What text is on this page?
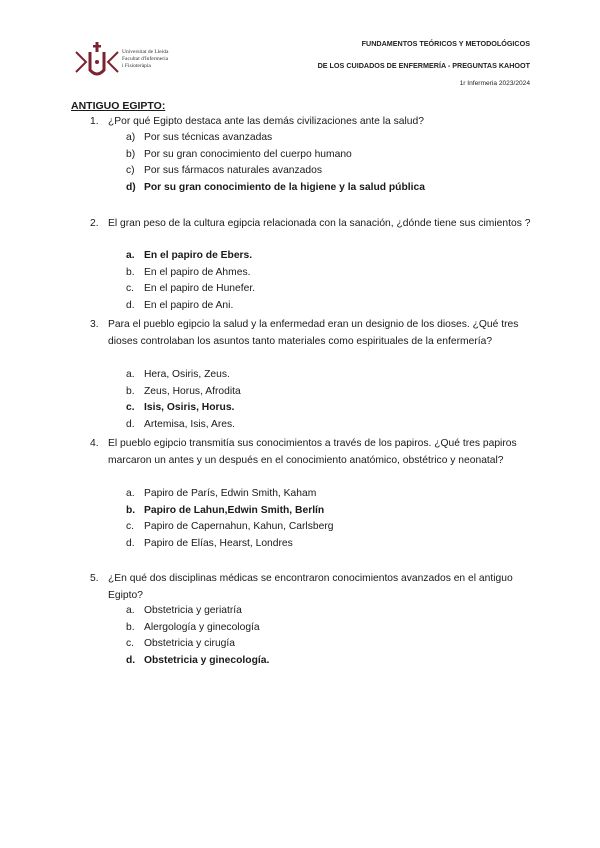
Universitat de Lleida
Facultat d'Infermeria
i Fisioteràpia
FUNDAMENTOS TEÓRICOS Y METODOLÓGICOS
DE LOS CUIDADOS DE ENFERMERÍA - PREGUNTAS KAHOOT
1r Infermeria 2023/2024
ANTIGUO EGIPTO:
1. ¿Por qué Egipto destaca ante las demás civilizaciones ante la salud?
a) Por sus técnicas avanzadas
b) Por su gran conocimiento del cuerpo humano
c) Por sus fármacos naturales avanzados
d) Por su gran conocimiento de la higiene y la salud pública
2. El gran peso de la cultura egipcia relacionada con la sanación, ¿dónde tiene sus cimientos ?
a. En el papiro de Ebers.
b. En el papiro de Ahmes.
c. En el papiro de Hunefer.
d. En el papiro de Ani.
3. Para el pueblo egipcio la salud y la enfermedad eran un designio de los dioses. ¿Qué tres dioses controlaban los asuntos tanto materiales como espirituales de la enfermería?
a. Hera, Osiris, Zeus.
b. Zeus, Horus, Afrodita
c. Isis, Osiris, Horus.
d. Artemisa, Isis, Ares.
4. El pueblo egipcio transmitía sus conocimientos a través de los papiros. ¿Qué tres papiros marcaron un antes y un después en el conocimiento anatómico, obstétrico y neonatal?
a. Papiro de París, Edwin Smith, Kaham
b. Papiro de Lahun,Edwin Smith, Berlín
c. Papiro de Capernahun, Kahun, Carlsberg
d. Papiro de Elías, Hearst, Londres
5. ¿En qué dos disciplinas médicas se encontraron conocimientos avanzados en el antiguo Egipto?
a. Obstetricia y geriatría
b. Alergología y ginecología
c. Obstetricia y cirugía
d. Obstetricia y ginecología.
